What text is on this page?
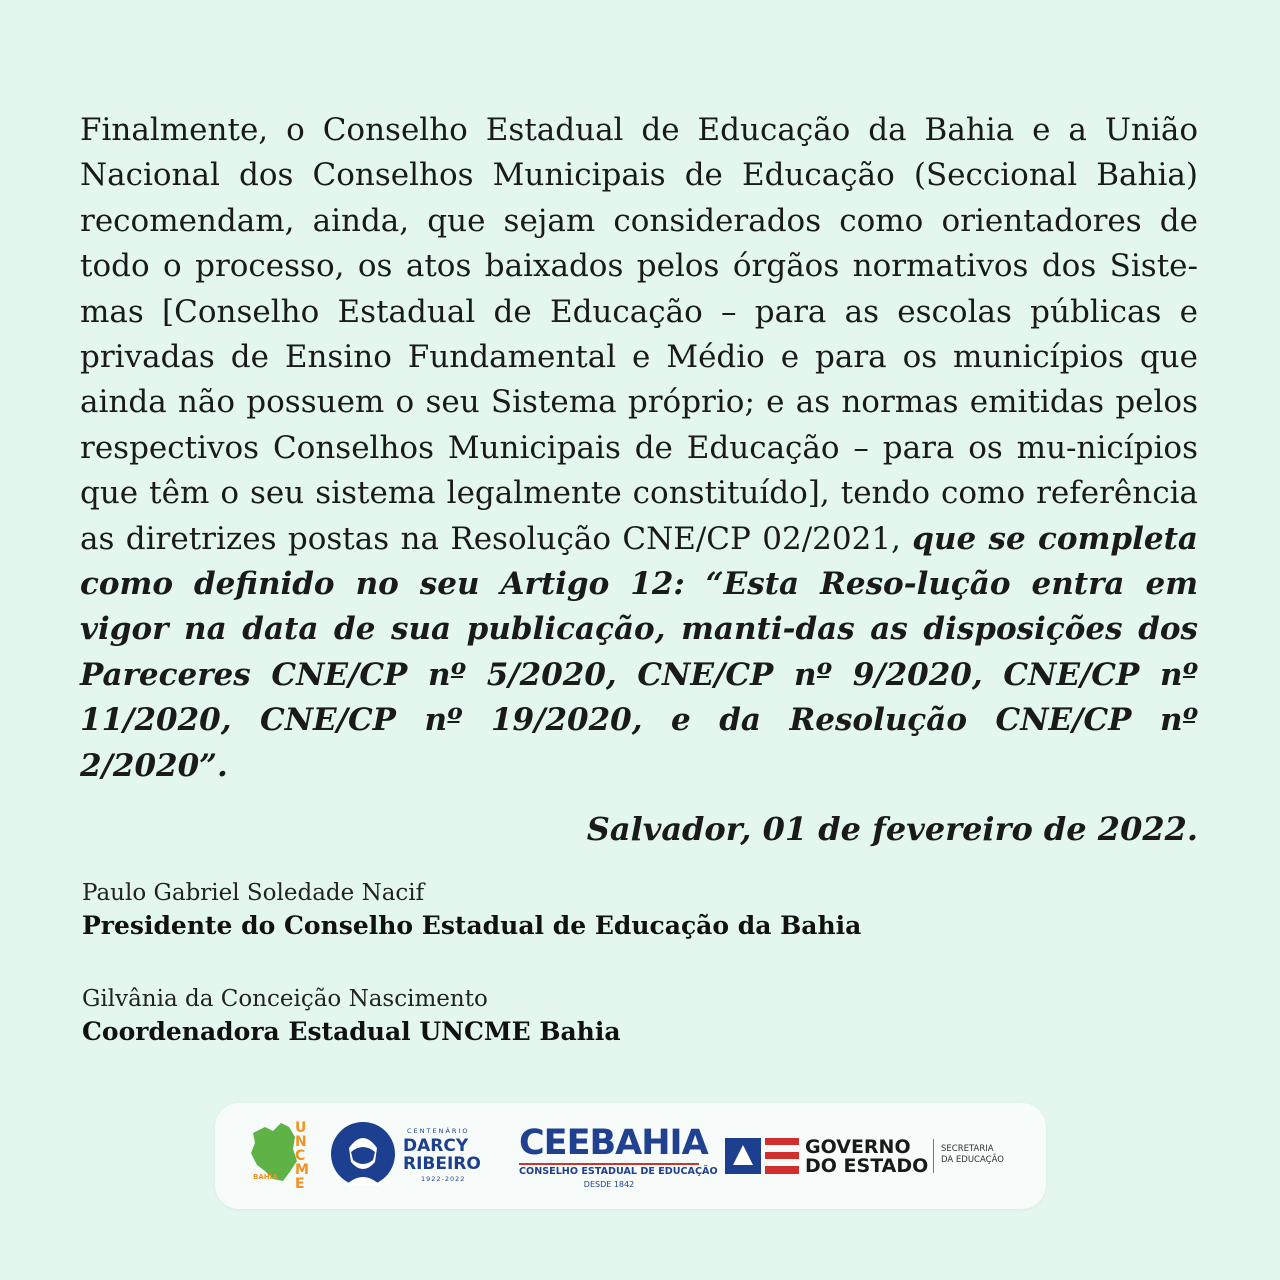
Finalmente, o Conselho Estadual de Educação da Bahia e a União Nacional dos Conselhos Municipais de Educação (Seccional Bahia) recomendam, ainda, que sejam considerados como orientadores de todo o processo, os atos baixados pelos órgãos normativos dos Siste-mas [Conselho Estadual de Educação – para as escolas públicas e privadas de Ensino Fundamental e Médio e para os municípios que ainda não possuem o seu Sistema próprio; e as normas emitidas pelos respectivos Conselhos Municipais de Educação – para os mu-nicípios que têm o seu sistema legalmente constituído], tendo como referência as diretrizes postas na Resolução CNE/CP 02/2021, que se completa como definido no seu Artigo 12: “Esta Reso-lução entra em vigor na data de sua publicação, manti-das as disposições dos Pareceres CNE/CP nº 5/2020, CNE/CP nº 9/2020, CNE/CP nº 11/2020, CNE/CP nº 19/2020, e da Resolução CNE/CP nº 2/2020”.
Salvador, 01 de fevereiro de 2022.
Paulo Gabriel Soledade Nacif
Presidente do Conselho Estadual de Educação da Bahia
Gilvânia da Conceição Nascimento
Coordenadora Estadual UNCME Bahia
UNCME
BAHIA
CENTENÁRIO
DARCY
RIBEIRO
1922-2022
CEEBAHIA
CONSELHO ESTADUAL DE EDUCAÇÃO
DESDE 1842
GOVERNO
DO ESTADO
SECRETARIA
DA EDUCAÇÃO
